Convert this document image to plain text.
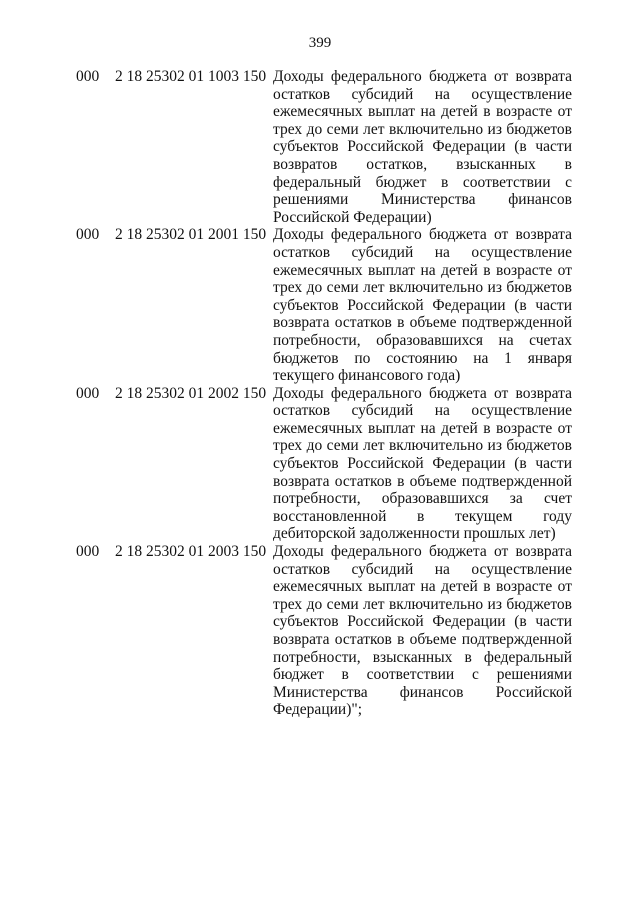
399
000 2 18 25302 01 1003 150 Доходы федерального бюджета от возврата остатков субсидий на осуществление ежемесячных выплат на детей в возрасте от трех до семи лет включительно из бюджетов субъектов Российской Федерации (в части возвратов остатков, взысканных в федеральный бюджет в соответствии с решениями Министерства финансов Российской Федерации)
000 2 18 25302 01 2001 150 Доходы федерального бюджета от возврата остатков субсидий на осуществление ежемесячных выплат на детей в возрасте от трех до семи лет включительно из бюджетов субъектов Российской Федерации (в части возврата остатков в объеме подтвержденной потребности, образовавшихся на счетах бюджетов по состоянию на 1 января текущего финансового года)
000 2 18 25302 01 2002 150 Доходы федерального бюджета от возврата остатков субсидий на осуществление ежемесячных выплат на детей в возрасте от трех до семи лет включительно из бюджетов субъектов Российской Федерации (в части возврата остатков в объеме подтвержденной потребности, образовавшихся за счет восстановленной в текущем году дебиторской задолженности прошлых лет)
000 2 18 25302 01 2003 150 Доходы федерального бюджета от возврата остатков субсидий на осуществление ежемесячных выплат на детей в возрасте от трех до семи лет включительно из бюджетов субъектов Российской Федерации (в части возврата остатков в объеме подтвержденной потребности, взысканных в федеральный бюджет в соответствии с решениями Министерства финансов Российской Федерации)";
